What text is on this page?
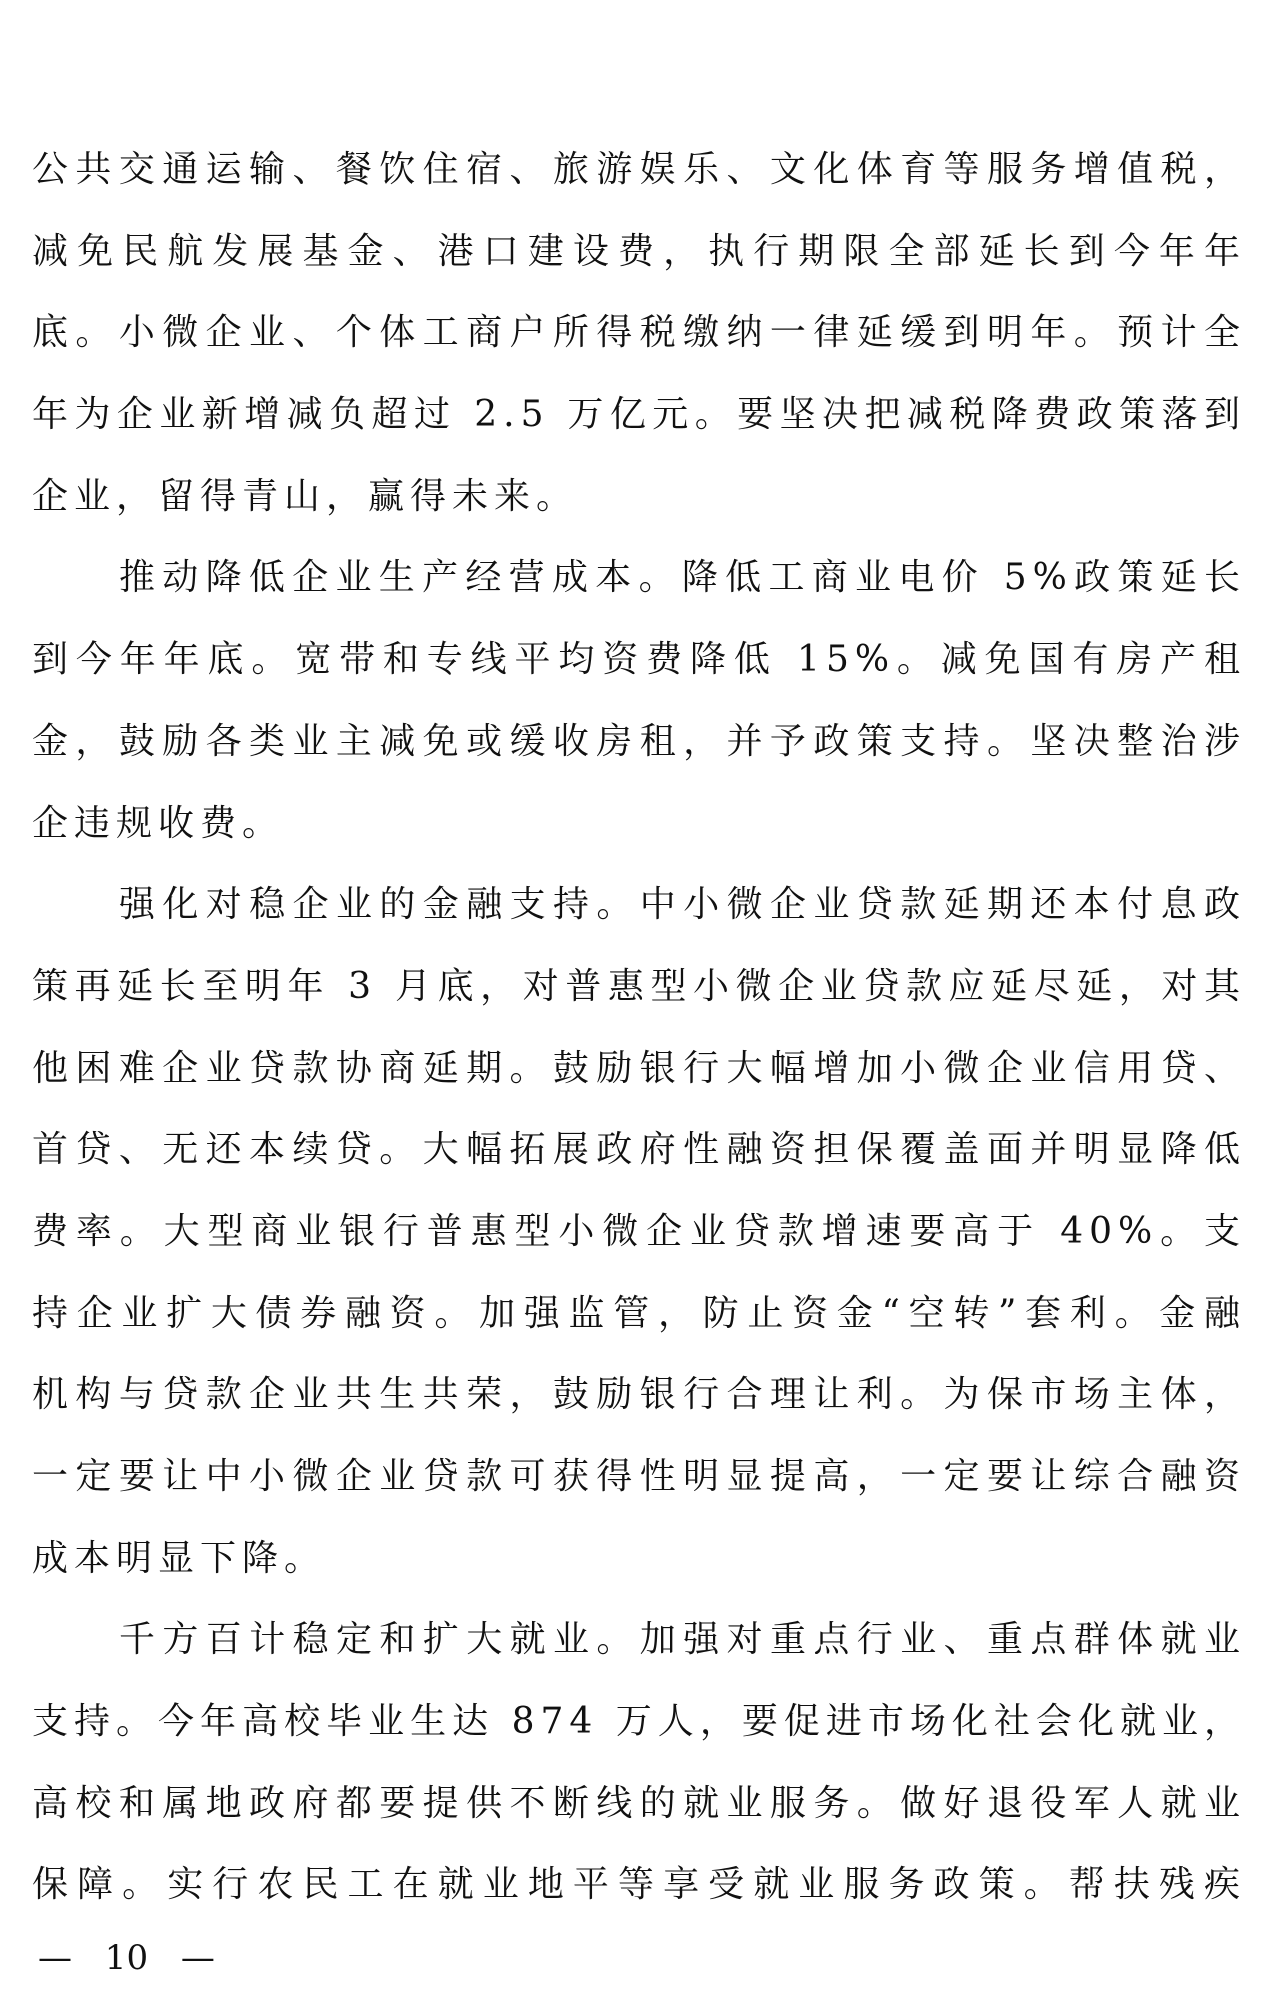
公共交通运输、餐饮住宿、旅游娱乐、文化体育等服务增值税，
减免民航发展基金、港口建设费，执行期限全部延长到今年年
底。小微企业、个体工商户所得税缴纳一律延缓到明年。预计全
年为企业新增减负超过 2.5 万亿元。要坚决把减税降费政策落到
企业，留得青山，赢得未来。
推动降低企业生产经营成本。降低工商业电价 5%政策延长
到今年年底。宽带和专线平均资费降低 15%。减免国有房产租
金，鼓励各类业主减免或缓收房租，并予政策支持。坚决整治涉
企违规收费。
强化对稳企业的金融支持。中小微企业贷款延期还本付息政
策再延长至明年 3 月底，对普惠型小微企业贷款应延尽延，对其
他困难企业贷款协商延期。鼓励银行大幅增加小微企业信用贷、
首贷、无还本续贷。大幅拓展政府性融资担保覆盖面并明显降低
费率。大型商业银行普惠型小微企业贷款增速要高于 40%。支
持企业扩大债券融资。加强监管，防止资金“空转”套利。金融
机构与贷款企业共生共荣，鼓励银行合理让利。为保市场主体，
一定要让中小微企业贷款可获得性明显提高，一定要让综合融资
成本明显下降。
千方百计稳定和扩大就业。加强对重点行业、重点群体就业
支持。今年高校毕业生达 874 万人，要促进市场化社会化就业，
高校和属地政府都要提供不断线的就业服务。做好退役军人就业
保障。实行农民工在就业地平等享受就业服务政策。帮扶残疾
— 10 —
